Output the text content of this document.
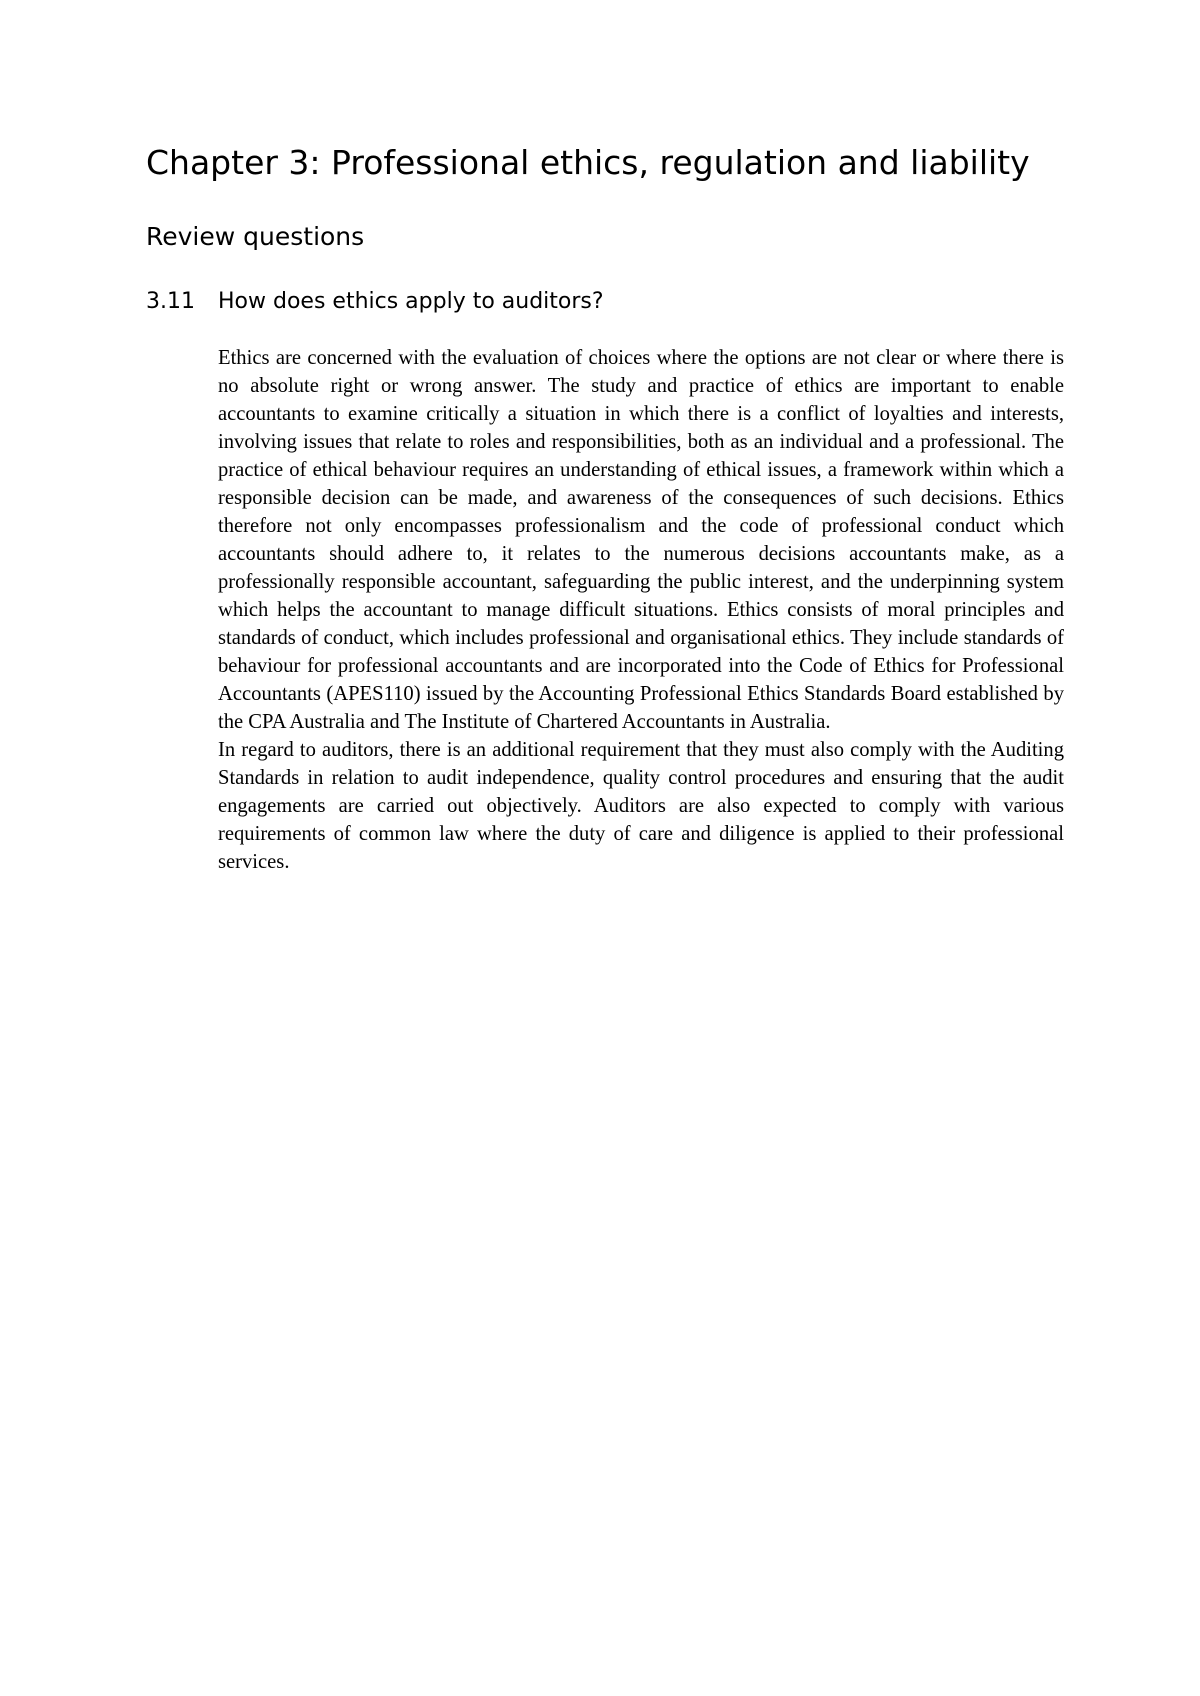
Chapter 3: Professional ethics, regulation and liability
Review questions
3.11 How does ethics apply to auditors?

Ethics are concerned with the evaluation of choices where the options are not clear or where there is no absolute right or wrong answer. The study and practice of ethics are important to enable accountants to examine critically a situation in which there is a conflict of loyalties and interests, involving issues that relate to roles and responsibilities, both as an individual and a professional. The practice of ethical behaviour requires an understanding of ethical issues, a framework within which a responsible decision can be made, and awareness of the consequences of such decisions. Ethics therefore not only encompasses professionalism and the code of professional conduct which accountants should adhere to, it relates to the numerous decisions accountants make, as a professionally responsible accountant, safeguarding the public interest, and the underpinning system which helps the accountant to manage difficult situations. Ethics consists of moral principles and standards of conduct, which includes professional and organisational ethics. They include standards of behaviour for professional accountants and are incorporated into the Code of Ethics for Professional Accountants (APES110) issued by the Accounting Professional Ethics Standards Board established by the CPA Australia and The Institute of Chartered Accountants in Australia.

In regard to auditors, there is an additional requirement that they must also comply with the Auditing Standards in relation to audit independence, quality control procedures and ensuring that the audit engagements are carried out objectively. Auditors are also expected to comply with various requirements of common law where the duty of care and diligence is applied to their professional services.
